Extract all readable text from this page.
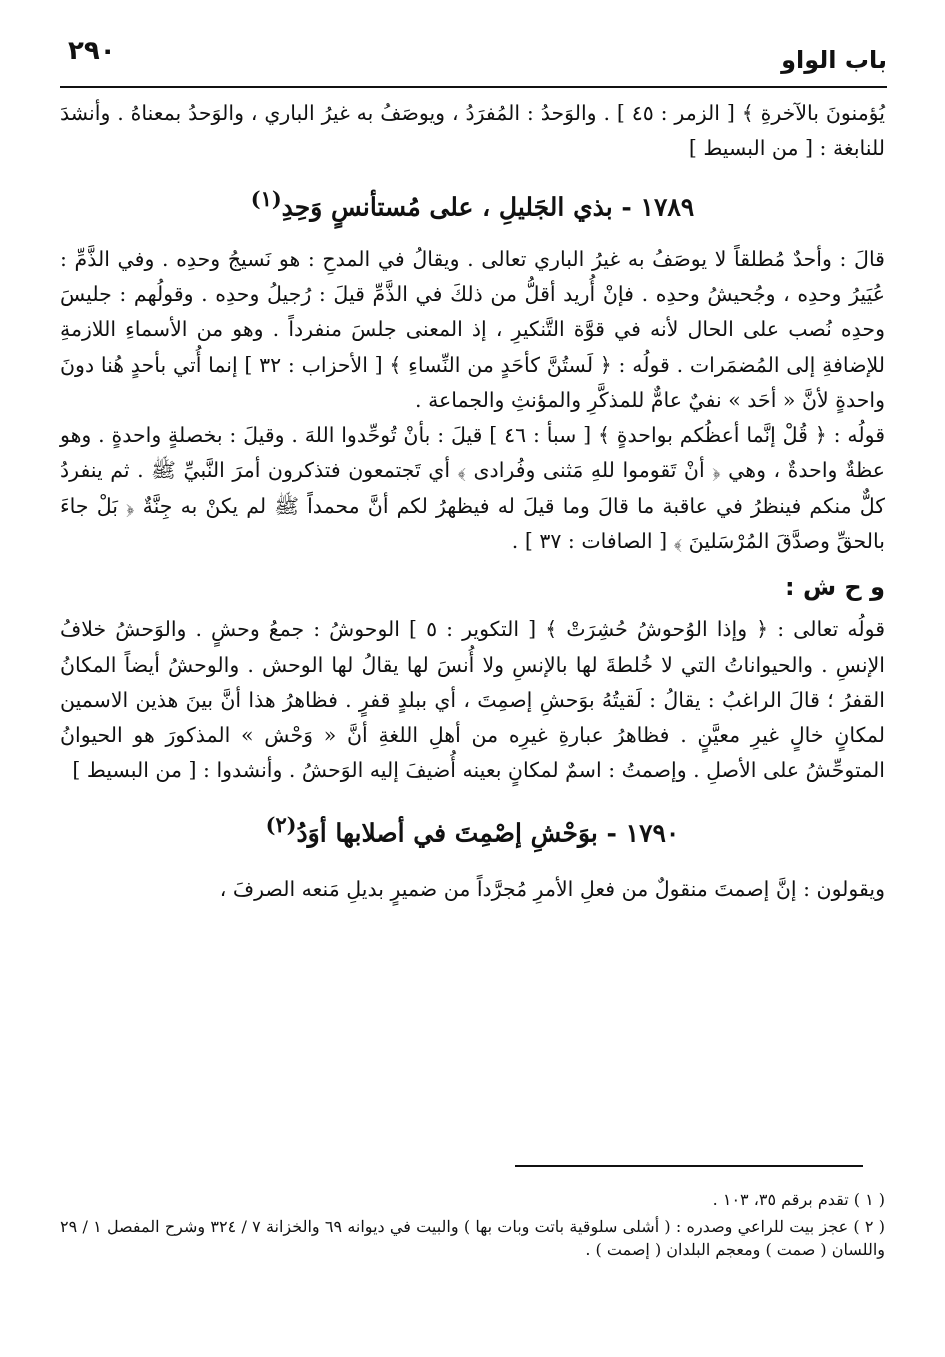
باب الواو
٢٩٠

يُؤمنونَ بالآخرةِ ﴾ [ الزمر : ٤٥ ] . والوَحدُ : المُفرَدُ ، ويوصَفُ به غيرُ الباري ، والوَحدُ بمعناهُ . وأنشدَ للنابغة : [ من البسيط ]

١٧٨٩ - بذي الجَليلِ ، على مُستأنسٍ وَحِدِ$^{(١)}$

قالَ : وأحدٌ مُطلقاً لا يوصَفُ به غيرُ الباري تعالى . ويقالُ في المدحِ : هو نَسيجُ وحدِه . وفي الذَّمِّ : عُيَيرُ وحدِه ، وجُحيشُ وحدِه . فإنْ أُريد أقلُّ من ذلكَ في الذَّمِّ قيلَ : رُجيلُ وحدِه . وقولُهم : جليسَ وحدِه نُصب على الحال لأنه في قوَّة التَّنكيرِ ، إذ المعنى جلسَ منفرداً . وهو من الأسماءِ اللازمةِ للإضافةِ إلى المُضمَرات . قولُه : ﴿ لَستُنَّ كأحَدٍ من النِّساءِ ﴾ [ الأحزاب : ٣٢ ] إنما أُتي بأحدٍ هُنا دونَ واحدةٍ لأنَّ « أحَد » نفيٌ عامٌّ للمذكَّرِ والمؤنثِ والجماعة .

قولُه : ﴿ قُلْ إنَّما أعظُكم بواحدةٍ ﴾ [ سبأ : ٤٦ ] قيلَ : بأنْ تُوحِّدوا اللهَ . وقيلَ : بخصلةٍ واحدةٍ . وهو عظةٌ واحدةٌ ، وهي ﴿ أنْ تَقوموا للهِ مَثنى وفُرادى ﴾ أي تَجتمعون فتذكرون أمرَ النَّبيِّ ﷺ . ثم ينفردُ كلٌّ منكم فينظرُ في عاقبة ما قالَ وما قيلَ له فيظهرُ لكم أنَّ محمداً ﷺ لم يكنْ به جِنَّةٌ ﴿ بَلْ جاءَ بالحقِّ وصدَّقَ المُرْسَلينَ ﴾ [ الصافات : ٣٧ ] .

و ح ش :

قولُه تعالى : ﴿ وإذا الوُحوشُ حُشِرَتْ ﴾ [ التكوير : ٥ ] الوحوشُ : جمعُ وحشٍ . والوَحشُ خلافُ الإنسِ . والحيواناتُ التي لا خُلطةَ لها بالإنسِ ولا أُنسَ لها يقالُ لها الوحش . والوحشُ أيضاً المكانُ القفرُ ؛ قالَ الراغبُ : يقالُ : لَقيتُهُ بوَحشِ إصمِتَ ، أي ببلدٍ قفرٍ . فظاهرُ هذا أنَّ بينَ هذين الاسمين لمكانٍ خالٍ غيرِ معيَّنٍ . فظاهرُ عبارةِ غيرِه من أهلِ اللغةِ أنَّ « وَحْش » المذكورَ هو الحيوانُ المتوحِّشُ على الأصلِ . وإصمتُ : اسمٌ لمكانٍ بعينه أُضيفَ إليه الوَحشُ . وأنشدوا : [ من البسيط ]

١٧٩٠ - بوَحْشِ إصْمِتَ في أصلابها أوَدُ$^{(٢)}$

ويقولون : إنَّ إصمتَ منقولٌ من فعلِ الأمرِ مُجرَّداً من ضميرٍ بديلِ مَنعه الصرفَ ،

( ١ ) تقدم برقم ٣٥، ١٠٣ .

( ٢ ) عجز بيت للراعي وصدره : ( أشلى سلوقية باتت وبات بها ) والبيت في ديوانه ٦٩ والخزانة ٧ / ٣٢٤ وشرح المفصل ١ / ٢٩ واللسان ( صمت ) ومعجم البلدان ( إصمت ) .
